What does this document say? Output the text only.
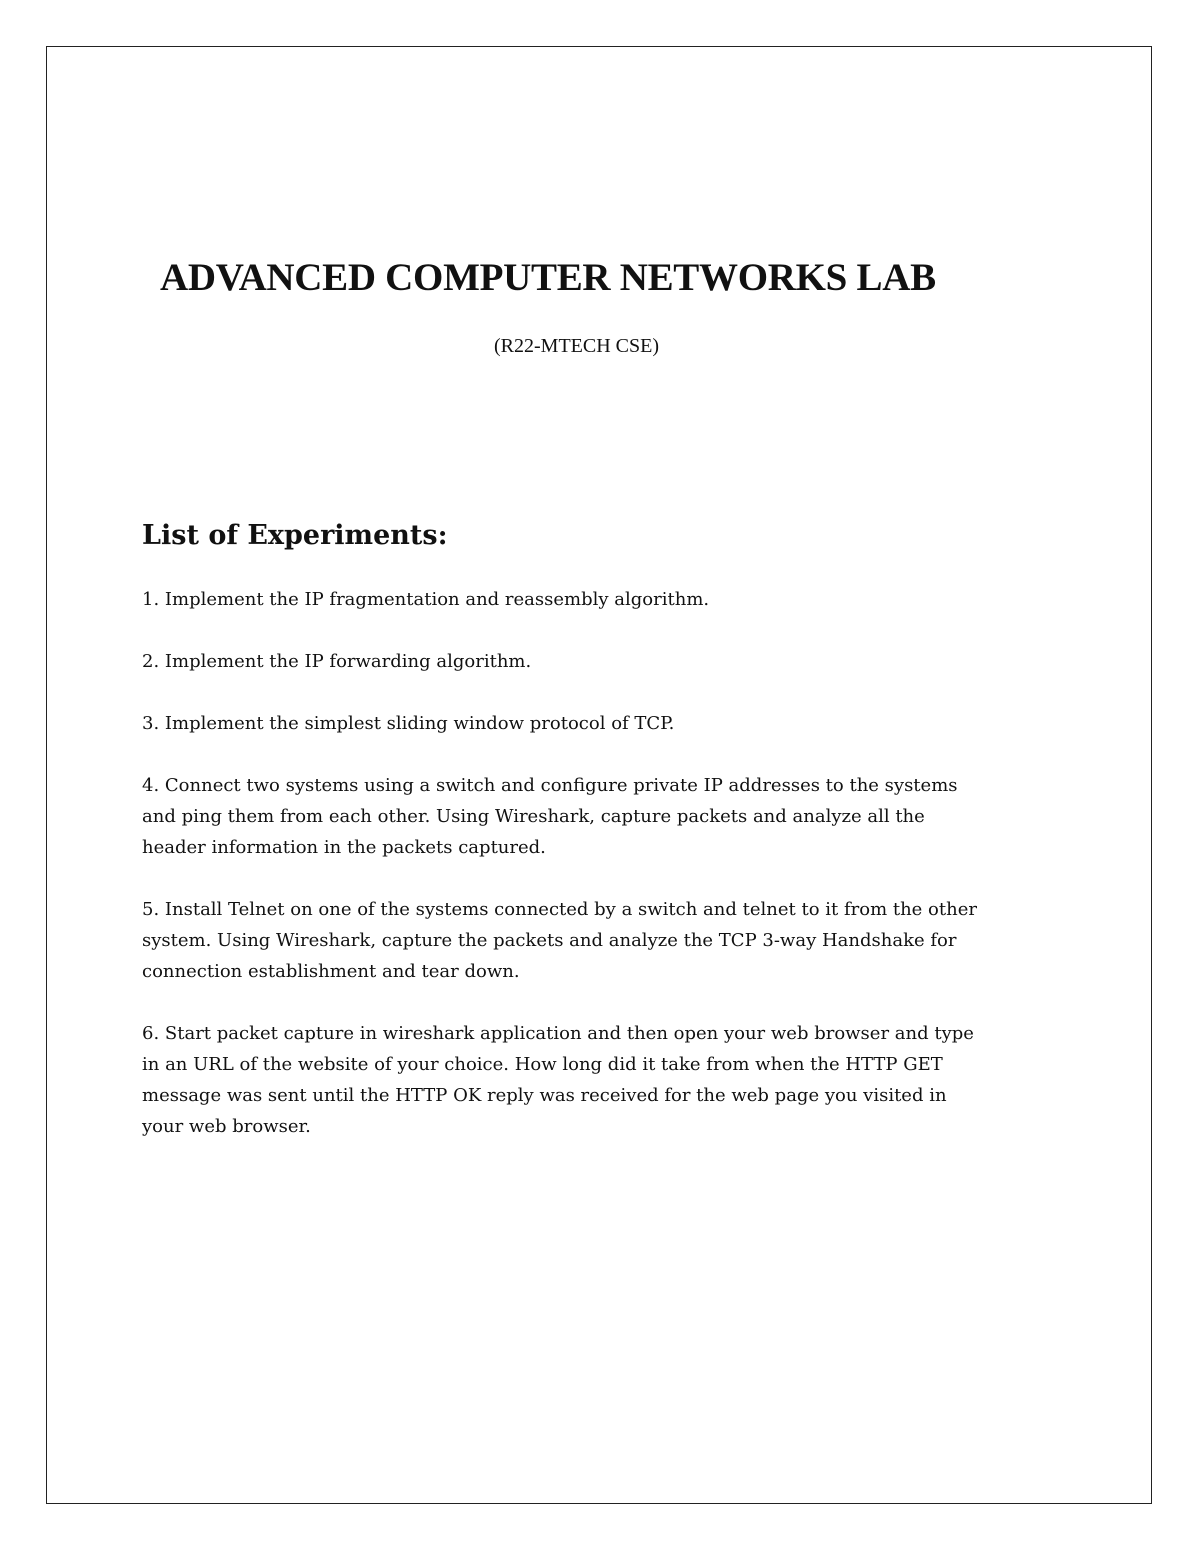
ADVANCED COMPUTER NETWORKS LAB

(R22-MTECH CSE)

List of Experiments:

1. Implement the IP fragmentation and reassembly algorithm.

2. Implement the IP forwarding algorithm.

3. Implement the simplest sliding window protocol of TCP.

4. Connect two systems using a switch and configure private IP addresses to the systems
and ping them from each other. Using Wireshark, capture packets and analyze all the
header information in the packets captured.

5. Install Telnet on one of the systems connected by a switch and telnet to it from the other
system. Using Wireshark, capture the packets and analyze the TCP 3-way Handshake for
connection establishment and tear down.

6. Start packet capture in wireshark application and then open your web browser and type
in an URL of the website of your choice. How long did it take from when the HTTP GET
message was sent until the HTTP OK reply was received for the web page you visited in
your web browser.
